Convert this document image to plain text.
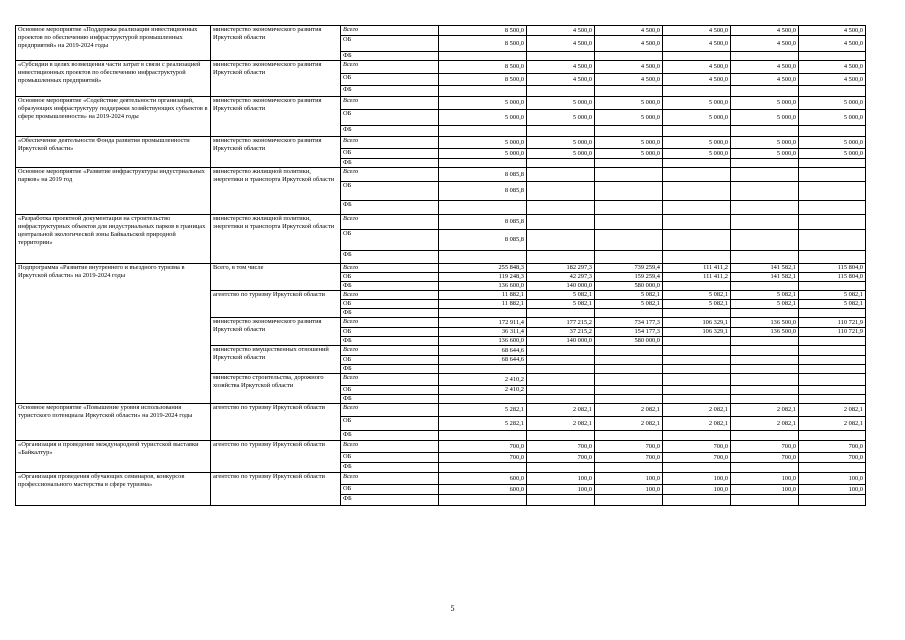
Основное мероприятие «Поддержка реализации инвестиционных проектов по обеспечению инфраструктурой промышленных предприятий» на 2019-2024 годы	министерство экономического развития Иркутской области	Всего	8 500,0	4 500,0	4 500,0	4 500,0	4 500,0	4 500,0
		ОБ	8 500,0	4 500,0	4 500,0	4 500,0	4 500,0	4 500,0
		ФБ						
«Субсидии в целях возмещения части затрат в связи с реализацией инвестиционных проектов по обеспечению инфраструктурой промышленных предприятий»	министерство экономического развития Иркутской области	Всего	8 500,0	4 500,0	4 500,0	4 500,0	4 500,0	4 500,0
		ОБ	8 500,0	4 500,0	4 500,0	4 500,0	4 500,0	4 500,0
		ФБ						
Основное мероприятие «Содействие деятельности организаций, образующих инфраструктуру поддержки хозяйствующих субъектов в сфере промышленности» на 2019-2024 годы	министерство экономического развития Иркутской области	Всего	5 000,0	5 000,0	5 000,0	5 000,0	5 000,0	5 000,0
		ОБ	5 000,0	5 000,0	5 000,0	5 000,0	5 000,0	5 000,0
		ФБ						
«Обеспечение деятельности Фонда развития промышленности Иркутской области»	министерство экономического развития Иркутской области	Всего	5 000,0	5 000,0	5 000,0	5 000,0	5 000,0	5 000,0
		ОБ	5 000,0	5 000,0	5 000,0	5 000,0	5 000,0	5 000,0
		ФБ						
Основное мероприятие «Развитие инфраструктуры индустриальных парков» на 2019 год	министерство жилищной политики, энергетики и транспорта Иркутской области	Всего	8 085,8					
		ОБ	8 085,8					
		ФБ						
«Разработка проектной документации на строительство инфраструктурных объектов для индустриальных парков в границах центральной экологической зоны Байкальской природной территории»	министерство жилищной политики, энергетики и транспорта Иркутской области	Всего	8 085,8					
		ОБ	8 085,8					
		ФБ						
Подпрограмма «Развитие внутреннего и въездного туризма в Иркутской области» на 2019-2024 годы	Всего, в том числе	Всего	255 848,3	182 297,3	739 259,4	111 411,2	141 582,1	115 804,0
		ОБ	119 248,3	42 297,3	159 259,4	111 411,2	141 582,1	115 804,0
		ФБ	136 600,0	140 000,0	580 000,0			
	агентство по туризму Иркутской области	Всего	11 882,1	5 082,1	5 082,1	5 082,1	5 082,1	5 082,1
		ОБ	11 882,1	5 082,1	5 082,1	5 082,1	5 082,1	5 082,1
		ФБ						
	министерство экономического развития Иркутской области	Всего	172 911,4	177 215,2	734 177,3	106 329,1	136 500,0	110 721,9
		ОБ	36 311,4	37 215,2	154 177,3	106 329,1	136 500,0	110 721,9
		ФБ	136 600,0	140 000,0	580 000,0			
	министерство имущественных отношений Иркутской области	Всего	68 644,6					
		ОБ	68 644,6					
		ФБ						
	министерство строительства, дорожного хозяйства Иркутской области	Всего	2 410,2					
		ОБ	2 410,2					
		ФБ						
Основное мероприятие «Повышение уровня использования туристского потенциала Иркутской области» на 2019-2024 годы	агентство по туризму Иркутской области	Всего	5 282,1	2 082,1	2 082,1	2 082,1	2 082,1	2 082,1
		ОБ	5 282,1	2 082,1	2 082,1	2 082,1	2 082,1	2 082,1
		ФБ						
«Организация и проведение международной туристской выставки «Байкалтур»	агентство по туризму Иркутской области	Всего	700,0	700,0	700,0	700,0	700,0	700,0
		ОБ	700,0	700,0	700,0	700,0	700,0	700,0
		ФБ						
«Организация проведения обучающих семинаров, конкурсов профессионального мастерства в сфере туризма»	агентство по туризму Иркутской области	Всего	600,0	100,0	100,0	100,0	100,0	100,0
		ОБ	600,0	100,0	100,0	100,0	100,0	100,0
		ФБ						
5
